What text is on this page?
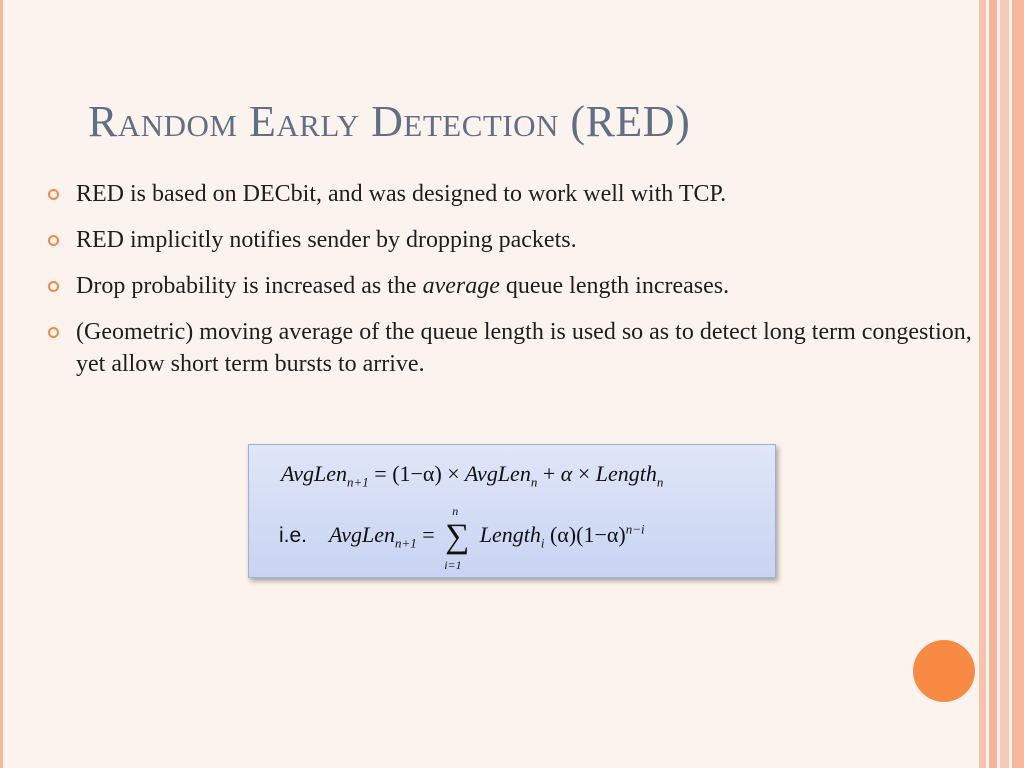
Random Early Detection (RED)
RED is based on DECbit, and was designed to work well with TCP.
RED implicitly notifies sender by dropping packets.
Drop probability is increased as the average queue length increases.
(Geometric) moving average of the queue length is used so as to detect long term congestion, yet allow short term bursts to arrive.
AvgLen$_{n+1}$ = (1−α) × AvgLen$_n$ + α × Length$_n$
i.e. AvgLen$_{n+1}$ =
n
∑
i=1
Length$_i$ $(\alpha)(1-\alpha)^{n-i}$
